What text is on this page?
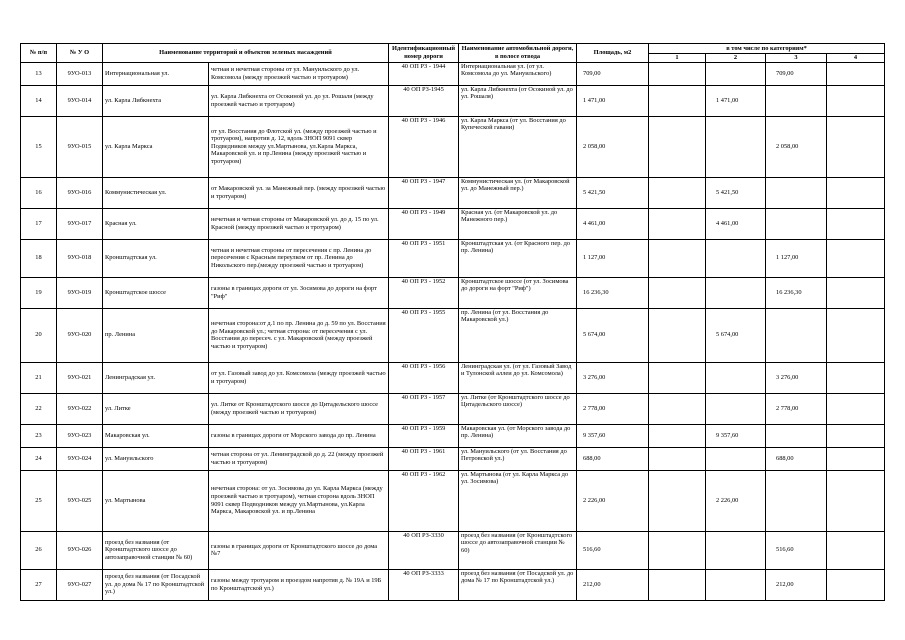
№ п/п	№ У О	Наименование территорий и объектов зеленых насаждений		Идентификационный номер дороги	Наименование автомобильной дороги, в полосе отвода	Площадь, м2	в том числе по категориям*			
							1	2	3	4
13	9УО-013	Интернациональная ул.	четная и нечетная стороны от ул. Мануильского до ул. Комсомола (между проезжей частью и тротуаром)	40 ОП РЗ - 1944	Интернациональная ул. (от ул. Комсомола до ул. Мануильского)	709,00			709,00	
14	9УО-014	ул. Карла Либкнехта	ул. Карла Либкнехта от Осокиной ул. до ул. Рошаля (между проезжей частью и тротуаром)	40 ОП РЗ-1945	ул. Карла Либкнехта (от Осокиной ул. до ул. Рошаля)	1 471,00		1 471,00		
15	9УО-015	ул. Карла Маркса	от ул. Восстания до Флотской ул. (между проезжей частью и тротуаром), напротив д. 12, вдоль ЗНОП 9091 сквер Подведников между ул.Мартынова, ул.Карла Маркса, Макаровской ул. и пр.Ленина (между проезжей частью и тротуаром)	40 ОП РЗ - 1946	ул. Карла Маркса (от ул. Восстания до Купеческой гавани)	2 058,00			2 058,00	
16	9УО-016	Коммунистическая ул.	от Макаровской ул. за Манежный пер. (между проезжей частью и тротуаром)	40 ОП РЗ - 1947	Коммунистическая ул. (от Макаровской ул. до Манежный пер.)	5 421,50		5 421,50		
17	9УО-017	Красная ул.	нечетная и четная стороны от Макаровской ул. до д. 15 по ул. Красной (между проезжей частью и тротуаром)	40 ОП РЗ - 1949	Красная ул. (от Макаровской ул. до Манежного пер.)	4 461,00		4 461,00		
18	9УО-018	Кронштадтская ул.	четная и нечетная стороны от пересечения с пр. Ленина до пересечения с Красным переулком от пр. Ленина до Никольского пер.(между проезжей частью и тротуаром)	40 ОП РЗ - 1951	Кронштадтская ул. (от Красного пер. до пр. Ленина)	1 127,00			1 127,00	
19	9УО-019	Кронштадтское шоссе	газоны в границах дороги от ул. Зосимова до дороги на форт "Риф"	40 ОП РЗ - 1952	Кронштадтское шоссе (от ул. Зосимова до дороги на форт "Риф")	16 236,30			16 236,30	
20	9УО-020	пр. Ленина	нечетная сторона:от д.1 по пр. Ленина до д. 59 по ул. Восстания до Макаровской ул.; четная сторона: от пересечения с ул. Восстания до пересеч. с ул. Макаровской (между проезжей частью и тротуаром)	40 ОП РЗ - 1955	пр. Ленина (от ул. Восстания до Макаровской ул.)	5 674,00		5 674,00		
21	9УО-021	Ленинградская ул.	от ул. Газовый завод до ул. Комсомола (между проезжей частью и тротуаром)	40 ОП РЗ - 1956	Ленинградская ул. (от ул. Газовый Завод и Тулонской аллеи до ул. Комсомола)	3 276,00			3 276,00	
22	9УО-022	ул. Литке	ул. Литке от Кронштадтского шоссе до Цитадельского шоссе (между проезжей частью и тротуаром)	40 ОП РЗ - 1957	ул. Литке (от Кронштадтского шоссе до Цитадельского шоссе)	2 778,00			2 778,00	
23	9УО-023	Макаровская ул.	газоны в границах дороги от Морского завода до пр. Ленина	40 ОП РЗ - 1959	Макаровская ул. (от Морского завода до пр. Ленина)	9 357,60		9 357,60		
24	9УО-024	ул. Мануильского	четная сторона от ул. Ленинградской до д. 22 (между проезжей частью и тротуаром)	40 ОП РЗ - 1961	ул. Мануильского (от ул. Восстания до Петровской ул.)	688,00			688,00	
25	9УО-025	ул. Мартынова	нечетная сторона: от ул. Зосимова до ул. Карла Маркса (между проезжей частью и тротуаром), четная сторона вдоль ЗНОП 9091 сквер Подводников между ул.Мартынова, ул.Карла Маркса, Макаровской ул. и пр.Ленина	40 ОП РЗ - 1962	ул. Мартынова (от ул. Карла Маркса до ул. Зосимова)	2 226,00		2 226,00		
26	9УО-026	проезд без названия (от Кронштадтского шоссе до автозаправочной станции № 60)	газоны в границах дороги от Кронштадтского шоссе до дома №7	40 ОП РЗ-3330	проезд без названия (от Кронштадтского шоссе до автозаправочной станции № 60)	516,60			516,60	
27	9УО-027	проезд без названия (от Посадской ул. до дома № 17 по Кронштадтской ул.)	газоны между тротуаром и проездом напротив д. № 19А и 19Б по Кронштадтской ул.)	40 ОП РЗ-3333	проезд без названия (от Посадской ул. до дома № 17 по Кронштадтской ул.)	212,00			212,00	
